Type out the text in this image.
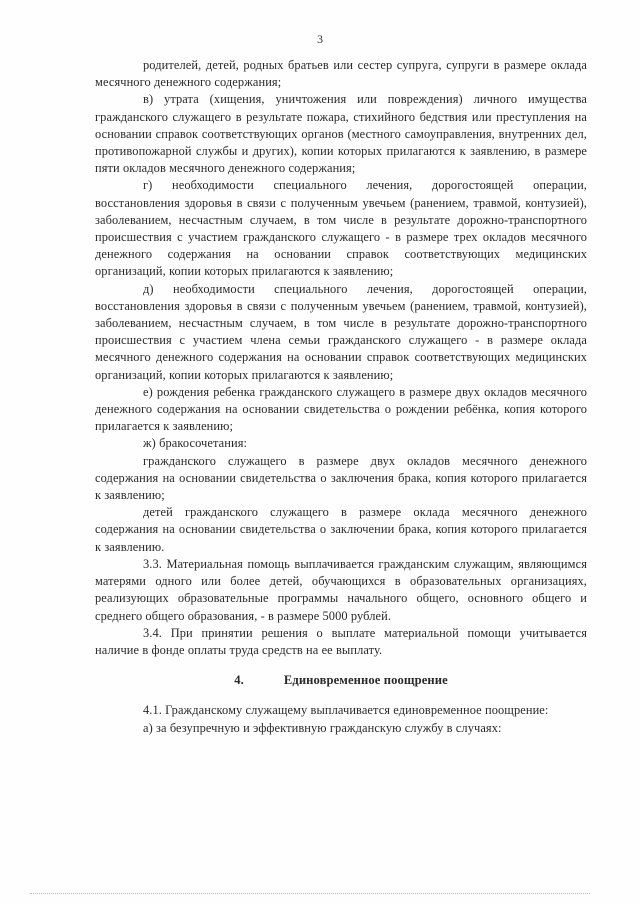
3

родителей, детей, родных братьев или сестер супруга, супруги в размере оклада месячного денежного содержания;

в) утрата (хищения, уничтожения или повреждения) личного имущества гражданского служащего в результате пожара, стихийного бедствия или преступления на основании справок соответствующих органов (местного самоуправления, внутренних дел, противопожарной службы и других), копии которых прилагаются к заявлению, в размере пяти окладов месячного денежного содержания;

г) необходимости специального лечения, дорогостоящей операции, восстановления здоровья в связи с полученным увечьем (ранением, травмой, контузией), заболеванием, несчастным случаем, в том числе в результате дорожно-транспортного происшествия с участием гражданского служащего - в размере трех окладов месячного денежного содержания на основании справок соответствующих медицинских организаций, копии которых прилагаются к заявлению;

д) необходимости специального лечения, дорогостоящей операции, восстановления здоровья в связи с полученным увечьем (ранением, травмой, контузией), заболеванием, несчастным случаем, в том числе в результате дорожно-транспортного происшествия с участием члена семьи гражданского служащего - в размере оклада месячного денежного содержания на основании справок соответствующих медицинских организаций, копии которых прилагаются к заявлению;

е) рождения ребенка гражданского служащего в размере двух окладов месячного денежного содержания на основании свидетельства о рождении ребёнка, копия которого прилагается к заявлению;

ж) бракосочетания:

гражданского служащего в размере двух окладов месячного денежного содержания на основании свидетельства о заключения брака, копия которого прилагается к заявлению;

детей гражданского служащего в размере оклада месячного денежного содержания на основании свидетельства о заключении брака, копия которого прилагается к заявлению.

3.3. Материальная помощь выплачивается гражданским служащим, являющимся матерями одного или более детей, обучающихся в образовательных организациях, реализующих образовательные программы начального общего, основного общего и среднего общего образования, - в размере 5000 рублей.

3.4. При принятии решения о выплате материальной помощи учитывается наличие в фонде оплаты труда средств на ее выплату.

4.	Единовременное поощрение

4.1. Гражданскому служащему выплачивается единовременное поощрение:

а) за безупречную и эффективную гражданскую службу в случаях:
